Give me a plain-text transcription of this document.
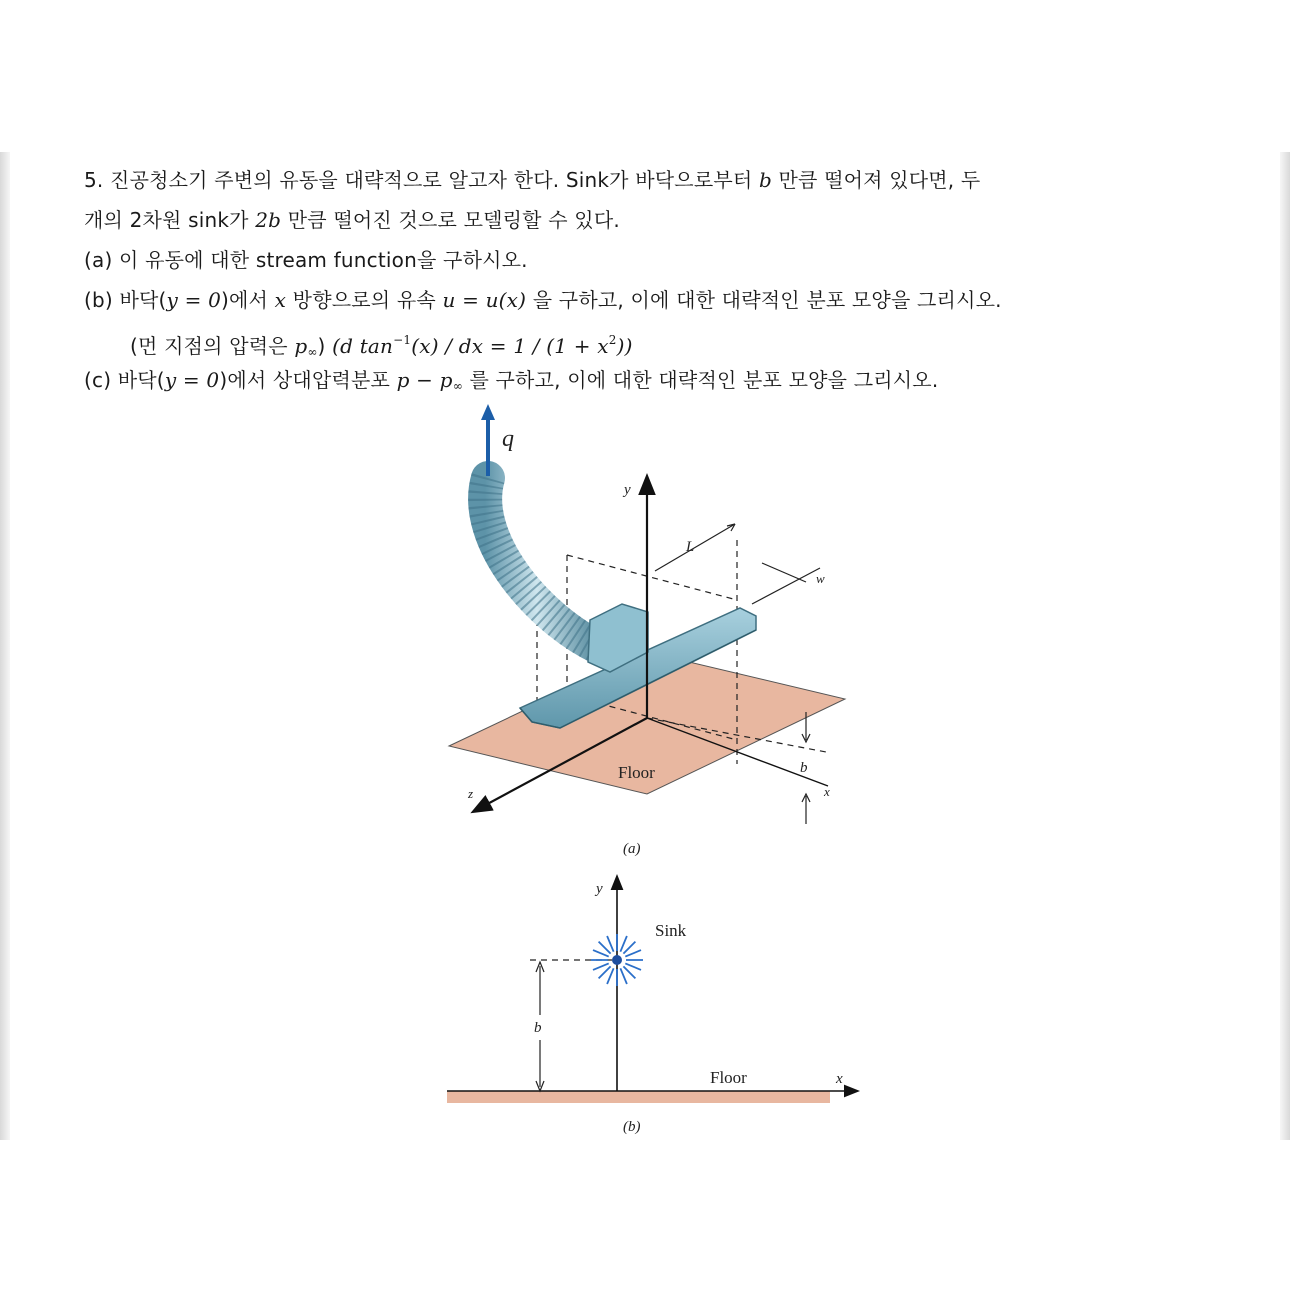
5. 진공청소기 주변의 유동을 대략적으로 알고자 한다. Sink가 바닥으로부터 b 만큼 떨어져 있다면, 두
개의 2차원 sink가 2b 만큼 떨어진 것으로 모델링할 수 있다.
(a) 이 유동에 대한 stream function을 구하시오.
(b) 바닥(y = 0)에서 x 방향으로의 유속 u = u(x) 을 구하고, 이에 대한 대략적인 분포 모양을 그리시오.
(먼 지점의 압력은 $p_\infty$) (d $\tan^{-1}(x)$ / dx = $1 / (1 + x^2)$)
(c) 바닥(y = 0)에서 상대압력분포 $p - p_\infty$ 를 구하고, 이에 대한 대략적인 분포 모양을 그리시오.
q
y
L
w
b
x
z
Floor
(a)
y
x
Sink
b
Floor
(b)
